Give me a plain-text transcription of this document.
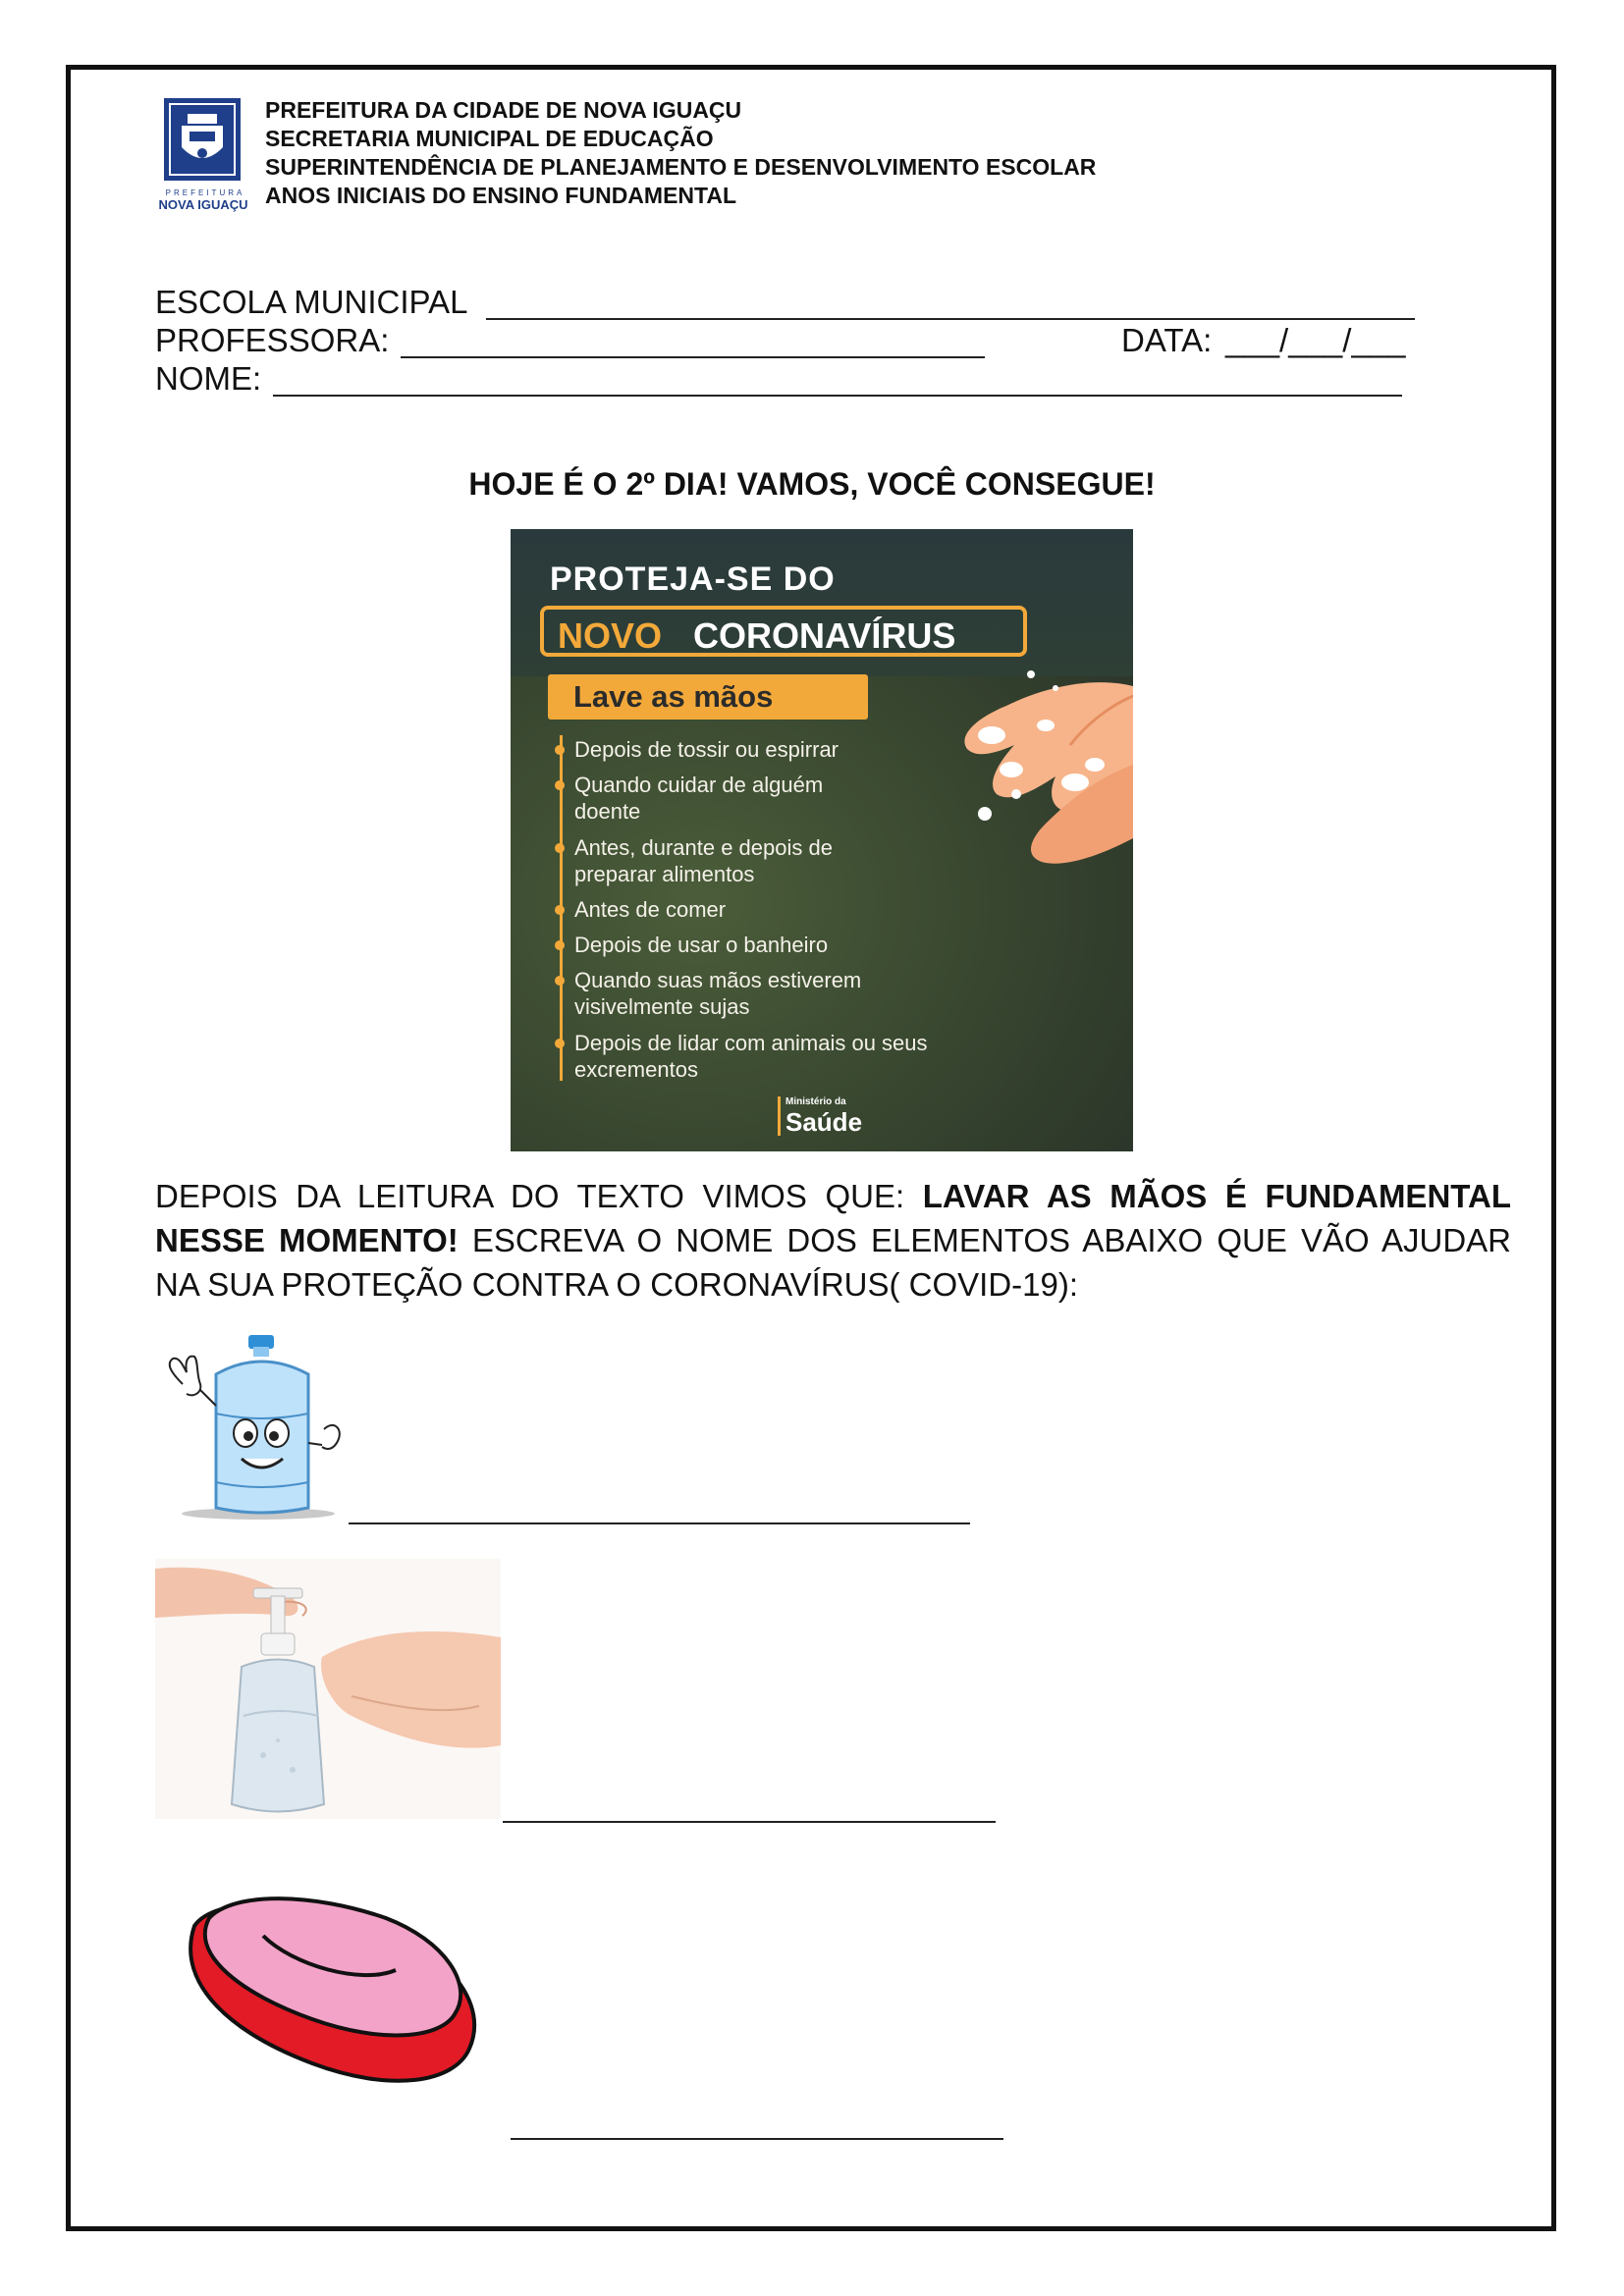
PREFEITURA
NOVA IGUAÇU
PREFEITURA DA CIDADE DE NOVA IGUAÇU
SECRETARIA MUNICIPAL DE EDUCAÇÃO
SUPERINTENDÊNCIA DE PLANEJAMENTO E DESENVOLVIMENTO ESCOLAR
ANOS INICIAIS DO ENSINO FUNDAMENTAL
ESCOLA MUNICIPAL
PROFESSORA:	DATA: ___/___/___
NOME:
HOJE É O 2º DIA! VAMOS, VOCÊ CONSEGUE!
PROTEJA-SE DO
NOVO CORONAVÍRUS
Lave as mãos
Depois de tossir ou espirrar
Quando cuidar de alguém
doente
Antes, durante e depois de
preparar alimentos
Antes de comer
Depois de usar o banheiro
Quando suas mãos estiverem
visivelmente sujas
Depois de lidar com animais ou seus
excrementos
Ministério da
Saúde
DEPOIS DA LEITURA DO TEXTO VIMOS QUE: LAVAR AS MÃOS É FUNDAMENTAL NESSE MOMENTO! ESCREVA O NOME DOS ELEMENTOS ABAIXO QUE VÃO AJUDAR NA SUA PROTEÇÃO CONTRA O CORONAVÍRUS( COVID-19):
